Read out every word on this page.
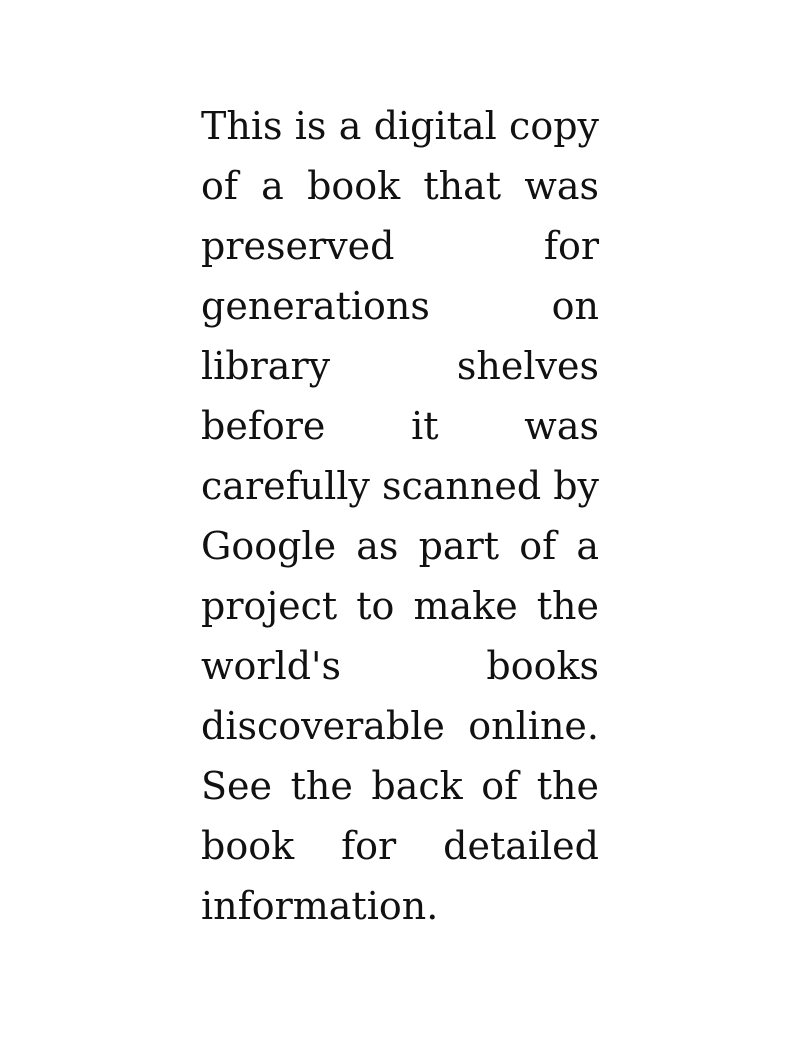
This is a digital copy of a book that was preserved for generations on library shelves before it was carefully scanned by Google as part of a project to make the world's books discoverable online. See the back of the book for detailed information.
